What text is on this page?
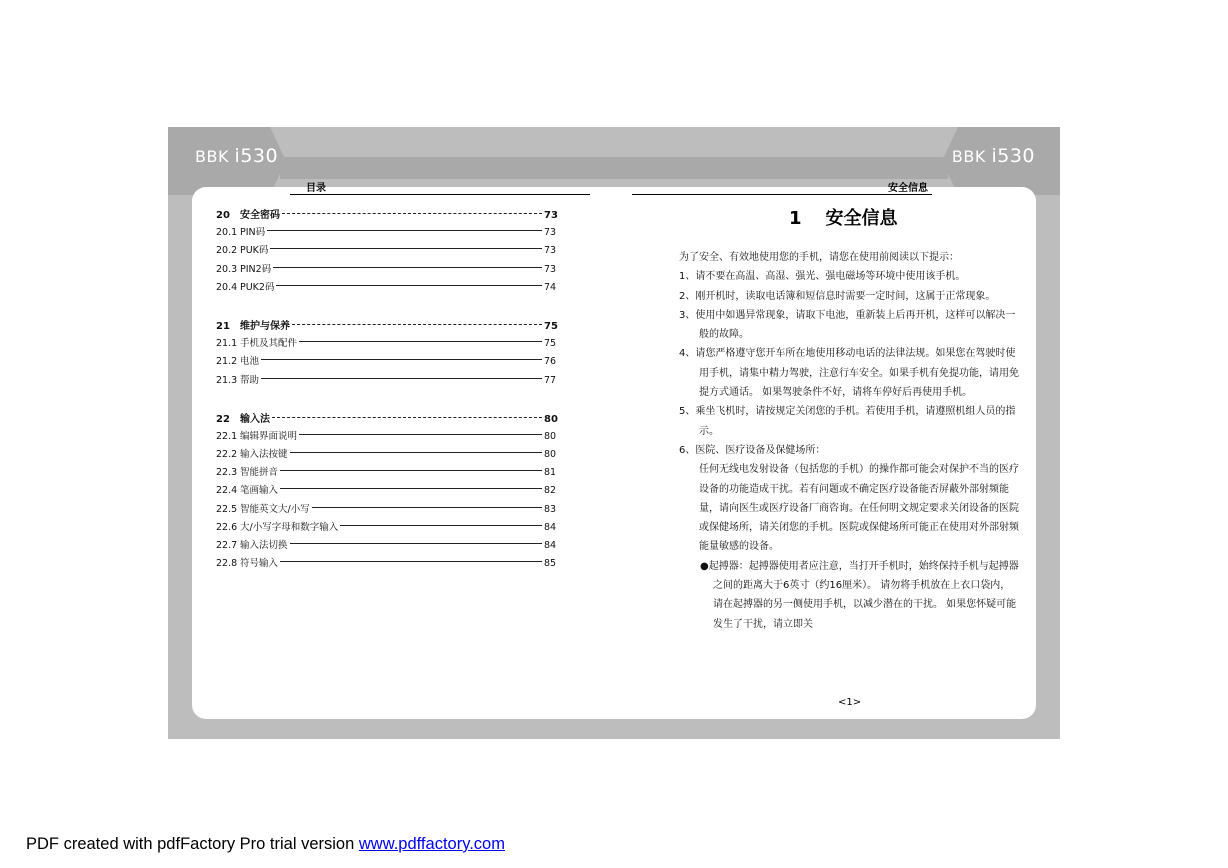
BBK i530	BBK i530
目录	安全信息
20	安全密码	73
20.1 PIN码	73
20.2 PUK码	73
20.3 PIN2码	73
20.4 PUK2码	74
21	维护与保养	75
21.1 手机及其配件	75
21.2 电池	76
21.3 帮助	77
22	输入法	80
22.1 编辑界面说明	80
22.2 输入法按键	80
22.3 智能拼音	81
22.4 笔画输入	82
22.5 智能英文大/小写	83
22.6 大/小写字母和数字输入	84
22.7 输入法切换	84
22.8 符号输入	85
1 安全信息
为了安全、有效地使用您的手机，请您在使用前阅读以下提示：
1、请不要在高温、高湿、强光、强电磁场等环境中使用该手机。
2、刚开机时，读取电话簿和短信息时需要一定时间，这属于正常现象。
3、使用中如遇异常现象，请取下电池，重新装上后再开机，这样可以解决一般的故障。
4、请您严格遵守您开车所在地使用移动电话的法律法规。如果您在驾驶时使用手机，请集中精力驾驶，注意行车安全。如果手机有免提功能，请用免提方式通话。 如果驾驶条件不好，请将车停好后再使用手机。
5、乘坐飞机时，请按规定关闭您的手机。若使用手机，请遵照机组人员的指示。
6、医院、医疗设备及保健场所：
任何无线电发射设备（包括您的手机）的操作都可能会对保护不当的医疗设备的功能造成干扰。若有问题或不确定医疗设备能否屏蔽外部射频能量，请向医生或医疗设备厂商咨询。在任何明文规定要求关闭设备的医院或保健场所，请关闭您的手机。医院或保健场所可能正在使用对外部射频能量敏感的设备。
●起搏器：起搏器使用者应注意，当打开手机时，始终保持手机与起搏器之间的距离大于6英寸（约16厘米）。 请勿将手机放在上衣口袋内， 请在起搏器的另一侧使用手机，以减少潜在的干扰。 如果您怀疑可能发生了干扰，请立即关
<1>
PDF created with pdfFactory Pro trial version www.pdffactory.com
